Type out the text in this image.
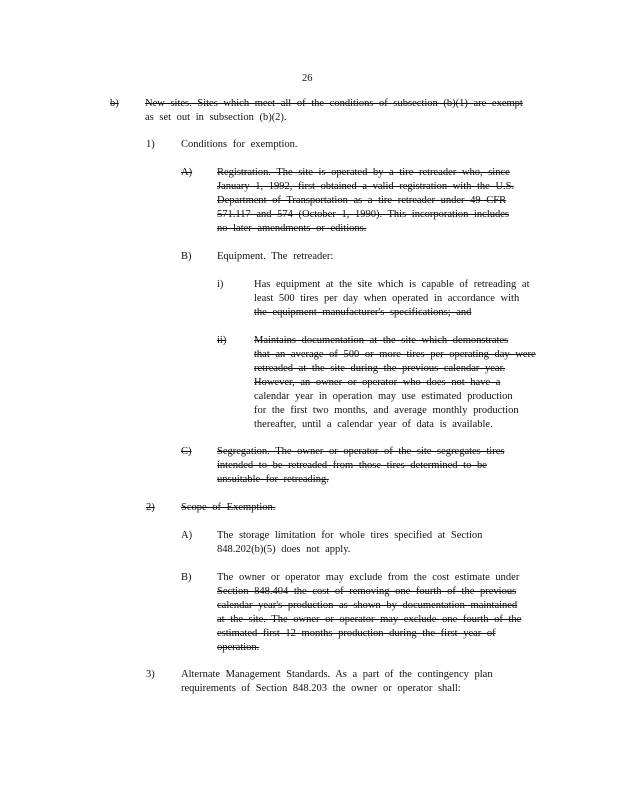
26
b)	New sites. Sites which meet all of the conditions of subsection (b)(1) are exempt
as set out in subsection (b)(2).
1)	Conditions for exemption.
A) Registration. The site is operated by a tire retreader who, since
January 1, 1992, first obtained a valid registration with the U.S.
Department of Transportation as a tire retreader under 49 CFR
571.117 and 574 (October 1, 1990). This incorporation includes
no later amendments or editions.
B) Equipment. The retreader:
i)	Has equipment at the site which is capable of retreading at
least 500 tires per day when operated in accordance with
the equipment manufacturer's specifications; and
ii)	Maintains documentation at the site which demonstrates
that an average of 500 or more tires per operating day were
retreaded at the site during the previous calendar year.
However, an owner or operator who does not have a
calendar year in operation may use estimated production
for the first two months, and average monthly production
thereafter, until a calendar year of data is available.
C) Segregation. The owner or operator of the site segregates tires
intended to be retreaded from those tires determined to be
unsuitable for retreading.
2)	Scope of Exemption.
A) The storage limitation for whole tires specified at Section
848.202(b)(5) does not apply.
B) The owner or operator may exclude from the cost estimate under
Section 848.404 the cost of removing one fourth of the previous
calendar year's production as shown by documentation maintained
at the site. The owner or operator may exclude one fourth of the
estimated first 12 months production during the first year of
operation.
3)	Alternate Management Standards. As a part of the contingency plan
requirements of Section 848.203 the owner or operator shall:
